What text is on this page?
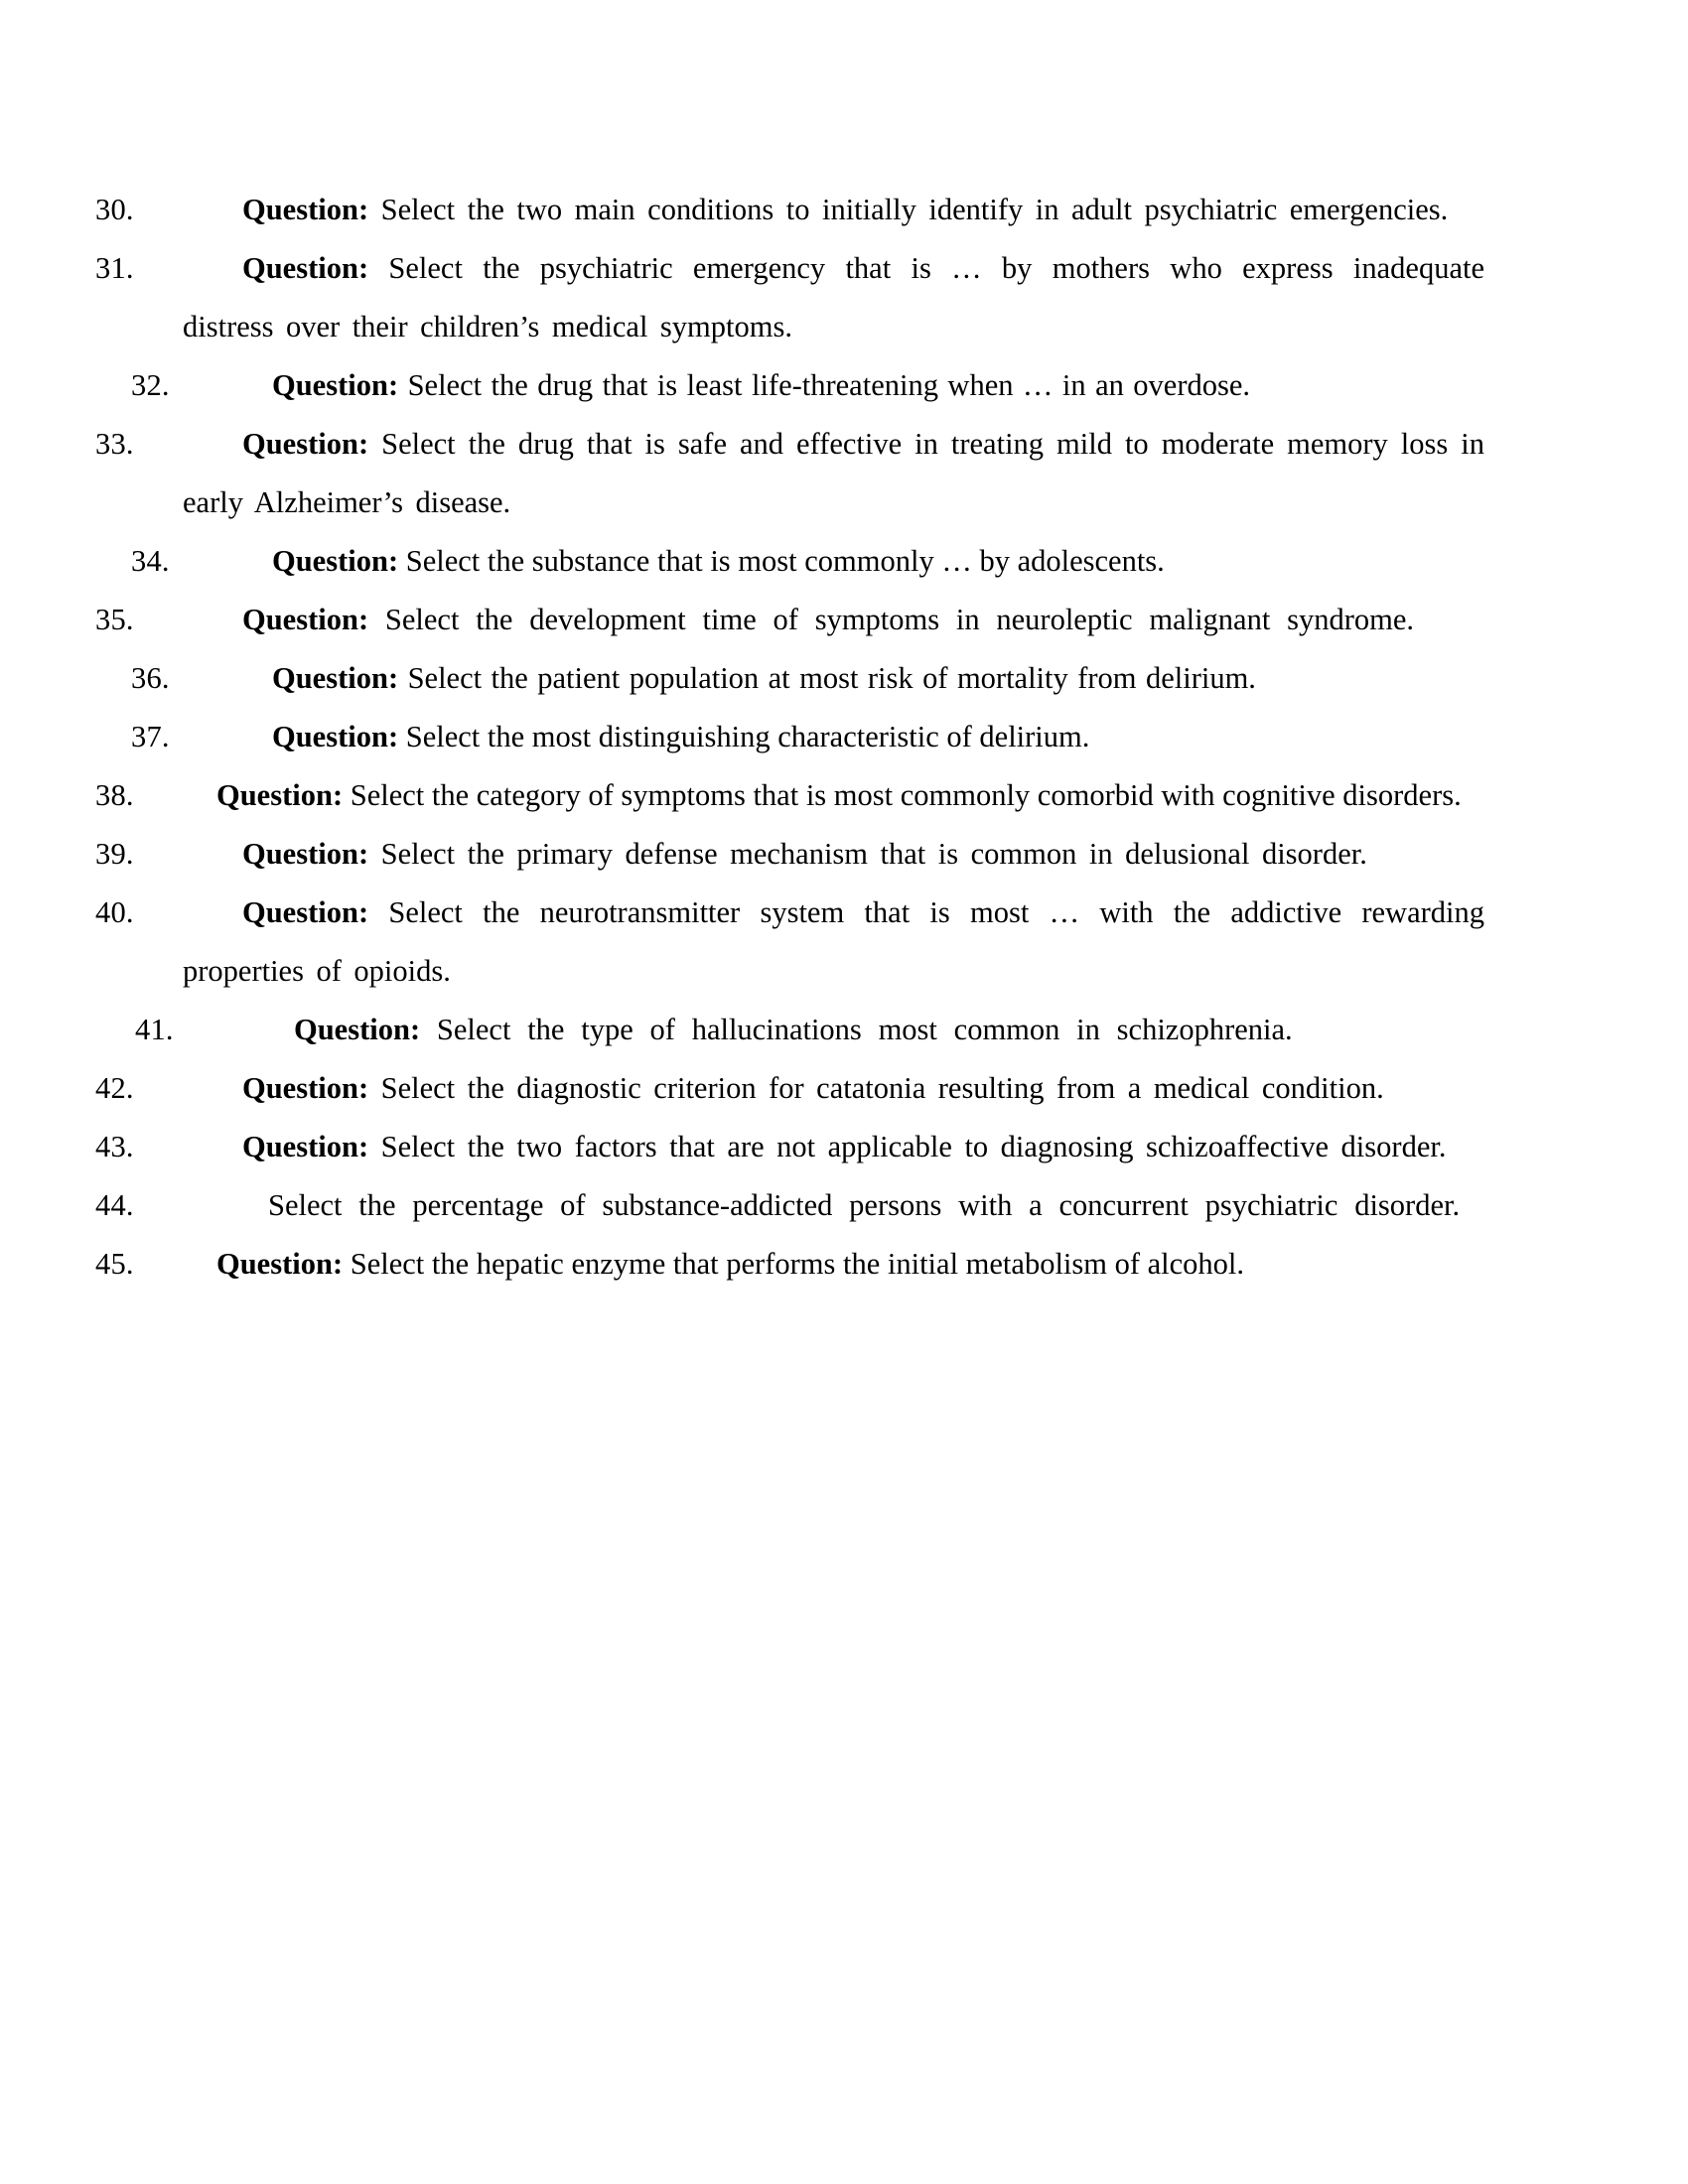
30.	Question: Select the two main conditions to initially identify in adult psychiatric emergencies.

31.	Question: Select the psychiatric emergency that is … by mothers who express inadequate distress over their children’s medical symptoms.

32.	Question: Select the drug that is least life-threatening when … in an overdose.

33.	Question: Select the drug that is safe and effective in treating mild to moderate memory loss in early Alzheimer’s disease.

34.	Question: Select the substance that is most commonly … by adolescents.

35.	Question: Select the development time of symptoms in neuroleptic malignant syndrome.

36.	Question: Select the patient population at most risk of mortality from delirium.

37.	Question: Select the most distinguishing characteristic of delirium.

38.	Question: Select the category of symptoms that is most commonly comorbid with cognitive disorders.

39.	Question: Select the primary defense mechanism that is common in delusional disorder.

40.	Question: Select the neurotransmitter system that is most … with the addictive rewarding properties of opioids.

41.	Question: Select the type of hallucinations most common in schizophrenia.

42.	Question: Select the diagnostic criterion for catatonia resulting from a medical condition.

43.	Question: Select the two factors that are not applicable to diagnosing schizoaffective disorder.

44.	Select the percentage of substance-addicted persons with a concurrent psychiatric disorder.

45.	Question: Select the hepatic enzyme that performs the initial metabolism of alcohol.
